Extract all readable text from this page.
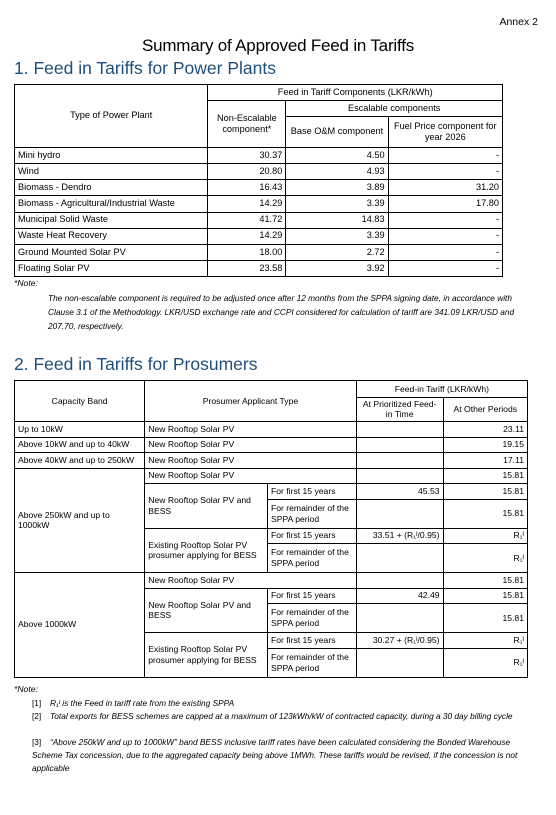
Annex 2
Summary of Approved Feed in Tariffs
1. Feed in Tariffs for Power Plants
Type of Power Plant	Feed in Tariff Components (LKR/kWh)		
	Non-Escalable component*	Escalable components	
		Base O&M component	Fuel Price component for year 2026
Mini hydro	30.37	4.50	-
Wind	20.80	4.93	-
Biomass - Dendro	16.43	3.89	31.20
Biomass - Agricultural/Industrial Waste	14.29	3.39	17.80
Municipal Solid Waste	41.72	14.83	-
Waste Heat Recovery	14.29	3.39	-
Ground Mounted Solar PV	18.00	2.72	-
Floating Solar PV	23.58	3.92	-
*Note:
The non-escalable component is required to be adjusted once after 12 months from the SPPA signing date, in accordance with Clause 3.1 of the Methodology. LKR/USD exchange rate and CCPI considered for calculation of tariff are 341.09 LKR/USD and 207.70, respectively.
2. Feed in Tariffs for Prosumers
Capacity Band	Prosumer Applicant Type		Feed-in Tariff (LKR/kWh)	
			At Prioritized Feed-in Time	At Other Periods
Up to 10kW	New Rooftop Solar PV			23.11
Above 10kW and up to 40kW	New Rooftop Solar PV			19.15
Above 40kW and up to 250kW	New Rooftop Solar PV			17.11
Above 250kW and up to 1000kW	New Rooftop Solar PV			15.81
	New Rooftop Solar PV and BESS	For first 15 years	45.53	15.81
		For remainder of the SPPA period		15.81
	Existing Rooftop Solar PV prosumer applying for BESS	For first 15 years	33.51 + (R₁ᴵ/0.95)	R₁ᴵ
		For remainder of the SPPA period		R₁ᴵ
Above 1000kW	New Rooftop Solar PV			15.81
	New Rooftop Solar PV and BESS	For first 15 years	42.49	15.81
		For remainder of the SPPA period		15.81
	Existing Rooftop Solar PV prosumer applying for BESS	For first 15 years	30.27 + (R₁ᴵ/0.95)	R₁ᴵ
		For remainder of the SPPA period		R₁ᴵ
*Note:
[1] R₁ᴵ is the Feed in tariff rate from the existing SPPA
[2] Total exports for BESS schemes are capped at a maximum of 123kWh/kW of contracted capacity, during a 30 day billing cycle
[3] “Above 250kW and up to 1000kW” band BESS inclusive tariff rates have been calculated considering the Bonded Warehouse Scheme Tax concession, due to the aggregated capacity being above 1MWh. These tariffs would be revised, if the concession is not applicable
